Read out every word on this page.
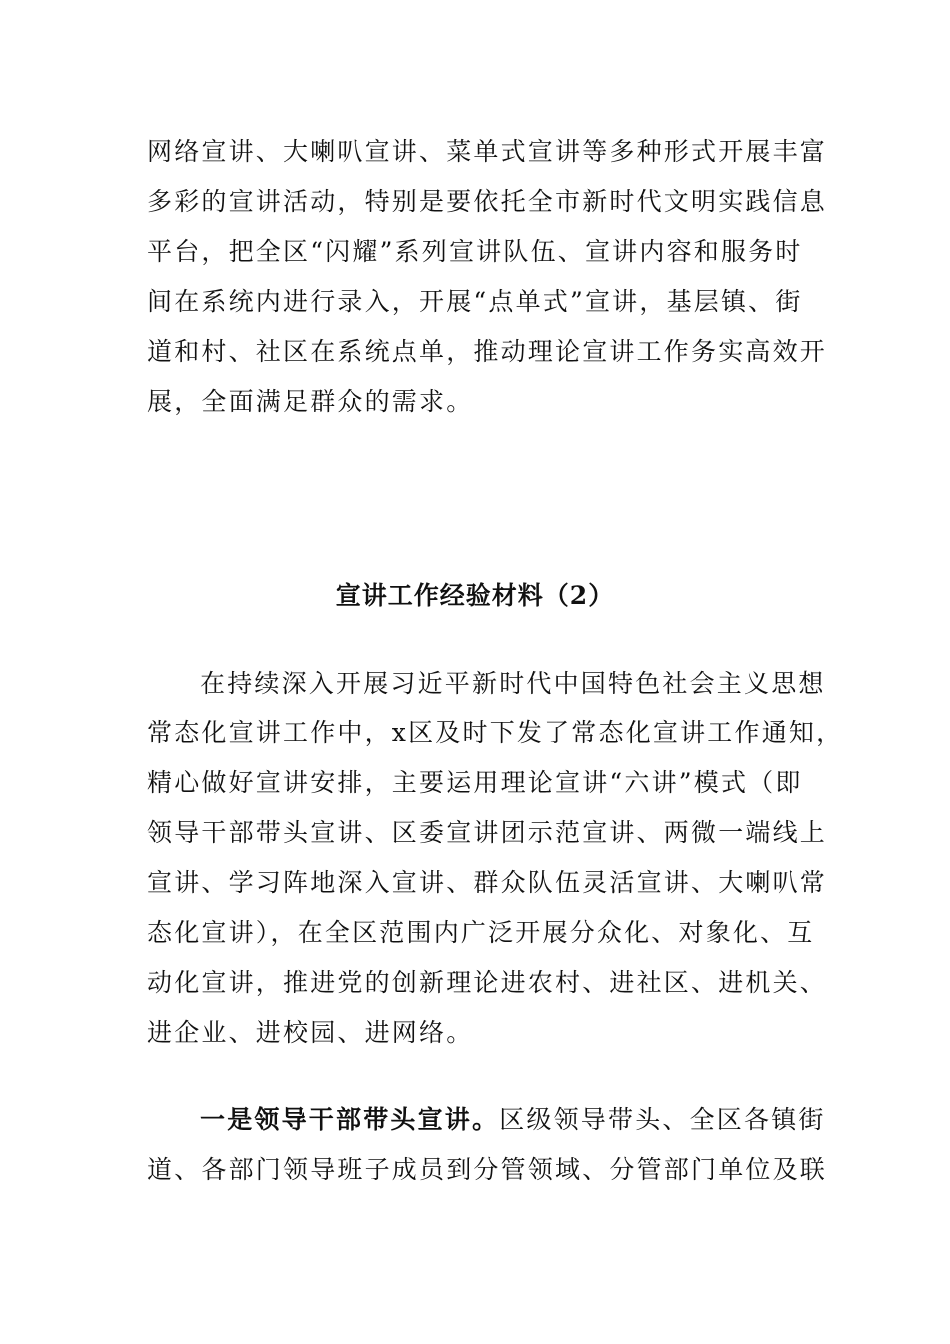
网络宣讲、大喇叭宣讲、菜单式宣讲等多种形式开展丰富
多彩的宣讲活动，特别是要依托全市新时代文明实践信息
平台，把全区“闪耀”系列宣讲队伍、宣讲内容和服务时
间在系统内进行录入，开展“点单式”宣讲，基层镇、街
道和村、社区在系统点单，推动理论宣讲工作务实高效开
展，全面满足群众的需求。
宣讲工作经验材料（2）
在持续深入开展习近平新时代中国特色社会主义思想
常态化宣讲工作中，x区及时下发了常态化宣讲工作通知，
精心做好宣讲安排，主要运用理论宣讲“六讲”模式（即
领导干部带头宣讲、区委宣讲团示范宣讲、两微一端线上
宣讲、学习阵地深入宣讲、群众队伍灵活宣讲、大喇叭常
态化宣讲），在全区范围内广泛开展分众化、对象化、互
动化宣讲，推进党的创新理论进农村、进社区、进机关、
进企业、进校园、进网络。
一是领导干部带头宣讲。区级领导带头、全区各镇街
道、各部门领导班子成员到分管领域、分管部门单位及联
